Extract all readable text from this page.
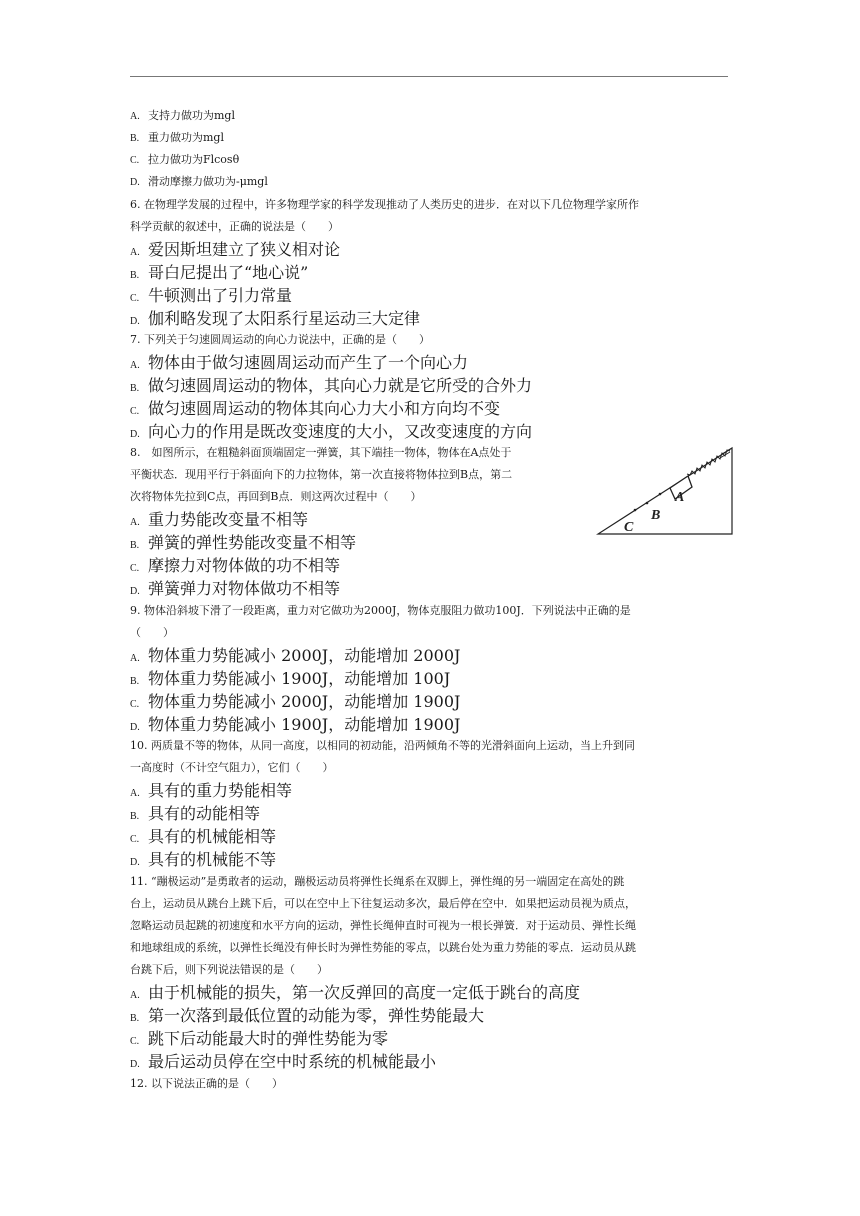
A. 支持力做功为mgl
B. 重力做功为mgl
C. 拉力做功为Flcosθ
D. 滑动摩擦力做功为-μmgl
6. 在物理学发展的过程中，许多物理学家的科学发现推动了人类历史的进步．在对以下几位物理学家所作
科学贡献的叙述中，正确的说法是（　　）
A. 爱因斯坦建立了狭义相对论
B. 哥白尼提出了“地心说”
C. 牛顿测出了引力常量
D. 伽利略发现了太阳系行星运动三大定律
7. 下列关于匀速圆周运动的向心力说法中，正确的是（　　）
A. 物体由于做匀速圆周运动而产生了一个向心力
B. 做匀速圆周运动的物体，其向心力就是它所受的合外力
C. 做匀速圆周运动的物体其向心力大小和方向均不变
D. 向心力的作用是既改变速度的大小，又改变速度的方向
8.　如图所示，在粗糙斜面顶端固定一弹簧，其下端挂一物体，物体在A点处于
平衡状态．现用平行于斜面向下的力拉物体，第一次直接将物体拉到B点，第二
次将物体先拉到C点，再回到B点．则这两次过程中（　　）
A. 重力势能改变量不相等
B. 弹簧的弹性势能改变量不相等
C. 摩擦力对物体做的功不相等
D. 弹簧弹力对物体做功不相等
A
B
C
9. 物体沿斜坡下滑了一段距离，重力对它做功为2000J，物体克服阻力做功100J．下列说法中正确的是
（　　）
A. 物体重力势能减小 2000J，动能增加 2000J
B. 物体重力势能减小 1900J，动能增加 100J
C. 物体重力势能减小 2000J，动能增加 1900J
D. 物体重力势能减小 1900J，动能增加 1900J
10. 两质量不等的物体，从同一高度，以相同的初动能，沿两倾角不等的光滑斜面向上运动，当上升到同
一高度时（不计空气阻力），它们（　　）
A. 具有的重力势能相等
B. 具有的动能相等
C. 具有的机械能相等
D. 具有的机械能不等
11. “蹦极运动”是勇敢者的运动，蹦极运动员将弹性长绳系在双脚上，弹性绳的另一端固定在高处的跳
台上，运动员从跳台上跳下后，可以在空中上下往复运动多次，最后停在空中．如果把运动员视为质点，
忽略运动员起跳的初速度和水平方向的运动，弹性长绳伸直时可视为一根长弹簧．对于运动员、弹性长绳
和地球组成的系统，以弹性长绳没有伸长时为弹性势能的零点，以跳台处为重力势能的零点．运动员从跳
台跳下后，则下列说法错误的是（　　）
A. 由于机械能的损失，第一次反弹回的高度一定低于跳台的高度
B. 第一次落到最低位置的动能为零，弹性势能最大
C. 跳下后动能最大时的弹性势能为零
D. 最后运动员停在空中时系统的机械能最小
12. 以下说法正确的是（　　）
